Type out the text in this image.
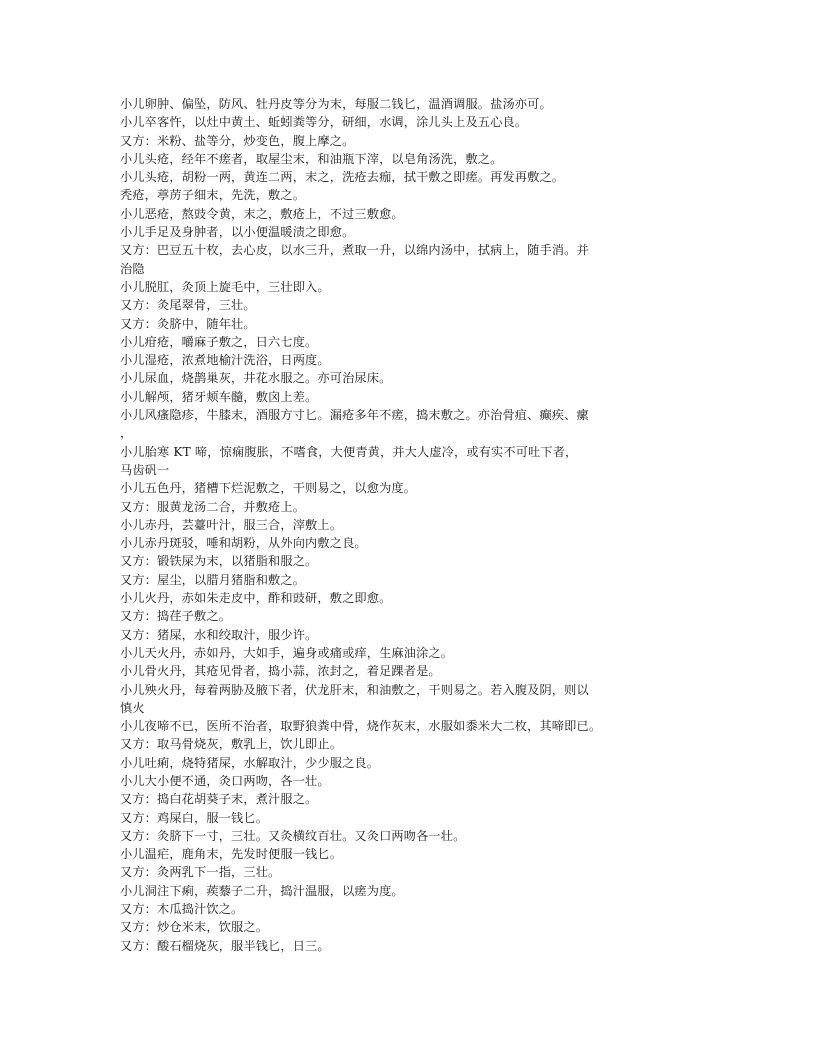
小儿卵肿、偏坠，防风、牡丹皮等分为末，每服二钱匕，温酒调服。盐汤亦可。
小儿卒客忤，以灶中黄土、蚯蚓粪等分，研细，水调，涂儿头上及五心良。
又方：米粉、盐等分，炒变色，腹上摩之。
小儿头疮，经年不瘥者，取屋尘末，和油瓶下滓，以皂角汤洗，敷之。
小儿头疮，胡粉一两，黄连二两，末之，洗疮去痂，拭干敷之即瘥。再发再敷之。
秃疮，葶苈子细末，先洗，敷之。
小儿恶疮，熬豉令黄，末之，敷疮上，不过三敷愈。
小儿手足及身肿者，以小便温暖渍之即愈。
又方：巴豆五十枚，去心皮，以水三升，煮取一升，以绵内汤中，拭病上，随手消。并
治隐
小儿脱肛，灸顶上旋毛中，三壮即入。
又方：灸尾翠骨，三壮。
又方：灸脐中，随年壮。
小儿疳疮，嚼麻子敷之，日六七度。
小儿湿疮，浓煮地榆汁洗浴，日两度。
小儿尿血，烧鹊巢灰，井花水服之。亦可治尿床。
小儿解颅，猪牙颊车髓，敷囟上差。
小儿风瘙隐疹，牛膝末，酒服方寸匕。漏疮多年不瘥，捣末敷之。亦治骨疽、癫疾、瘰
，
小儿胎寒 KT 啼，惊痫腹胀，不嗜食，大便青黄，并大人虚冷，或有实不可吐下者，
马齿矾一
小儿五色丹，猪槽下烂泥敷之，干则易之，以愈为度。
又方：服黄龙汤二合，并敷疮上。
小儿赤丹，芸薹叶汁，服三合，滓敷上。
小儿赤丹斑驳，唾和胡粉，从外向内敷之良。
又方：锻铁屎为末，以猪脂和服之。
又方：屋尘，以腊月猪脂和敷之。
小儿火丹，赤如朱走皮中，酢和豉研，敷之即愈。
又方：捣荏子敷之。
又方：猪屎，水和绞取汁，服少许。
小儿天火丹，赤如丹，大如手，遍身或痛或痒，生麻油涂之。
小儿骨火丹，其疮见骨者，捣小蒜，浓封之，着足踝者是。
小儿殃火丹，每着两胁及腋下者，伏龙肝末，和油敷之，干则易之。若入腹及阴，则以
慎火
小儿夜啼不已，医所不治者，取野狼粪中骨，烧作灰末，水服如黍米大二枚，其啼即已。
又方：取马骨烧灰，敷乳上，饮儿即止。
小儿吐痢，烧特猪屎，水解取汁，少少服之良。
小儿大小便不通，灸口两吻，各一壮。
又方：捣白花胡葵子末，煮汁服之。
又方：鸡屎白，服一钱匕。
又方：灸脐下一寸，三壮。又灸横纹百壮。又灸口两吻各一壮。
小儿温疟，鹿角末，先发时便服一钱匕。
又方：灸两乳下一指，三壮。
小儿洞注下痢，蒺藜子二升，捣汁温服，以瘥为度。
又方：木瓜捣汁饮之。
又方：炒仓米末，饮服之。
又方：酸石榴烧灰，服半钱匕，日三。
